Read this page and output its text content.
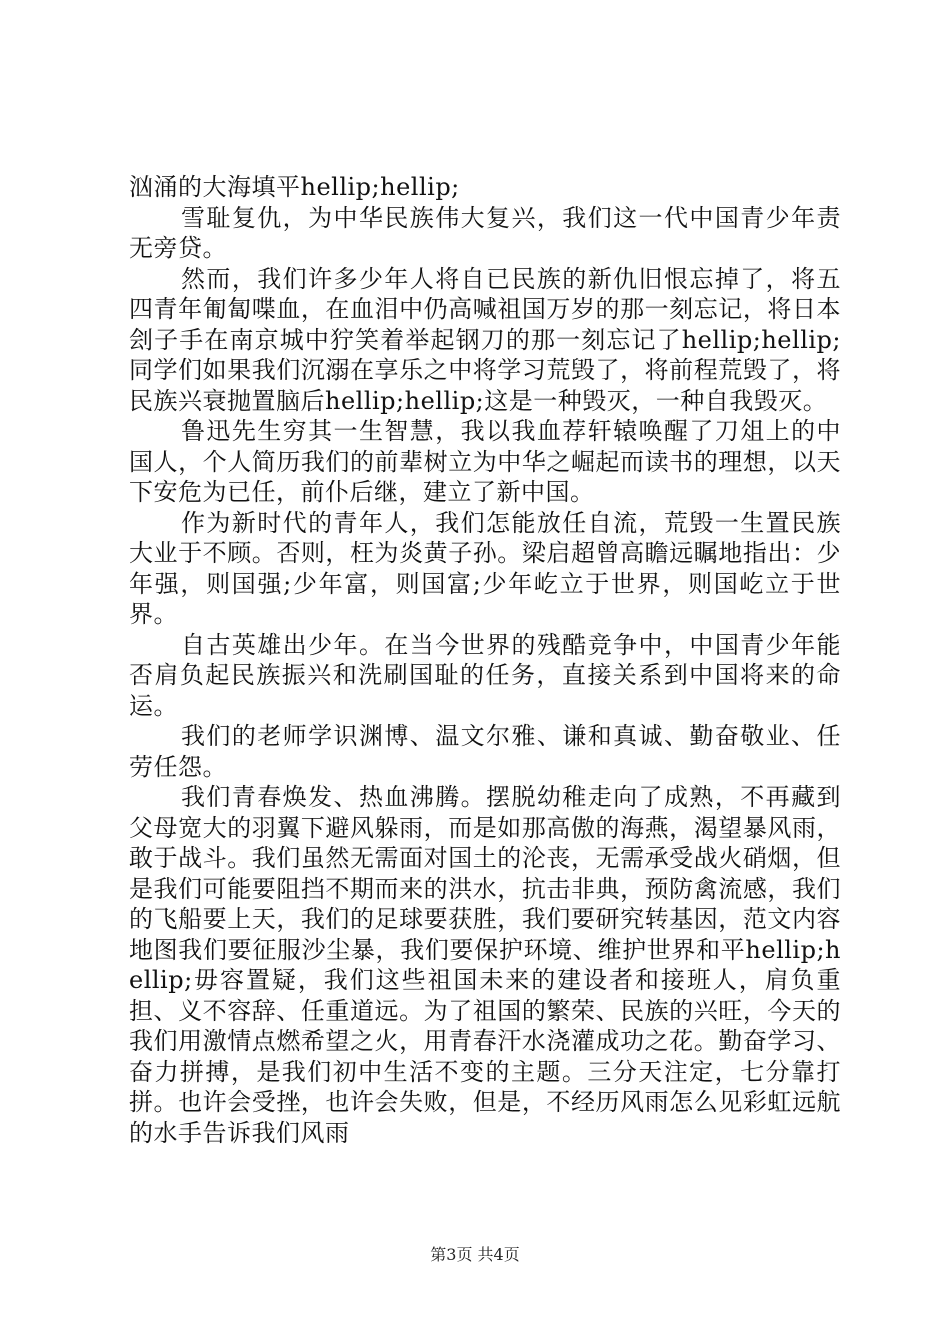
汹涌的大海填平hellip;hellip;

雪耻复仇，为中华民族伟大复兴，我们这一代中国青少年责无旁贷。

然而，我们许多少年人将自已民族的新仇旧恨忘掉了，将五四青年匍匐喋血，在血泪中仍高喊祖国万岁的那一刻忘记，将日本刽子手在南京城中狞笑着举起钢刀的那一刻忘记了hellip;hellip;同学们如果我们沉溺在享乐之中将学习荒毁了，将前程荒毁了，将民族兴衰抛置脑后hellip;hellip;这是一种毁灭，一种自我毁灭。

鲁迅先生穷其一生智慧，我以我血荐轩辕唤醒了刀俎上的中国人，个人简历我们的前辈树立为中华之崛起而读书的理想，以天下安危为已任，前仆后继，建立了新中国。

作为新时代的青年人，我们怎能放任自流，荒毁一生置民族大业于不顾。否则，枉为炎黄子孙。梁启超曾高瞻远瞩地指出：少年强，则国强;少年富，则国富;少年屹立于世界，则国屹立于世界。

自古英雄出少年。在当今世界的残酷竞争中，中国青少年能否肩负起民族振兴和洗刷国耻的任务，直接关系到中国将来的命运。

我们的老师学识渊博、温文尔雅、谦和真诚、勤奋敬业、任劳任怨。

我们青春焕发、热血沸腾。摆脱幼稚走向了成熟，不再藏到父母宽大的羽翼下避风躲雨，而是如那高傲的海燕，渴望暴风雨，敢于战斗。我们虽然无需面对国土的沦丧，无需承受战火硝烟，但是我们可能要阻挡不期而来的洪水，抗击非典，预防禽流感，我们的飞船要上天，我们的足球要获胜，我们要研究转基因，范文内容地图我们要征服沙尘暴，我们要保护环境、维护世界和平hellip;hellip;毋容置疑，我们这些祖国未来的建设者和接班人，肩负重担、义不容辞、任重道远。为了祖国的繁荣、民族的兴旺，今天的我们用激情点燃希望之火，用青春汗水浇灌成功之花。勤奋学习、奋力拼搏，是我们初中生活不变的主题。三分天注定，七分靠打拼。也许会受挫，也许会失败，但是，不经历风雨怎么见彩虹远航的水手告诉我们风雨

第3页 共4页
